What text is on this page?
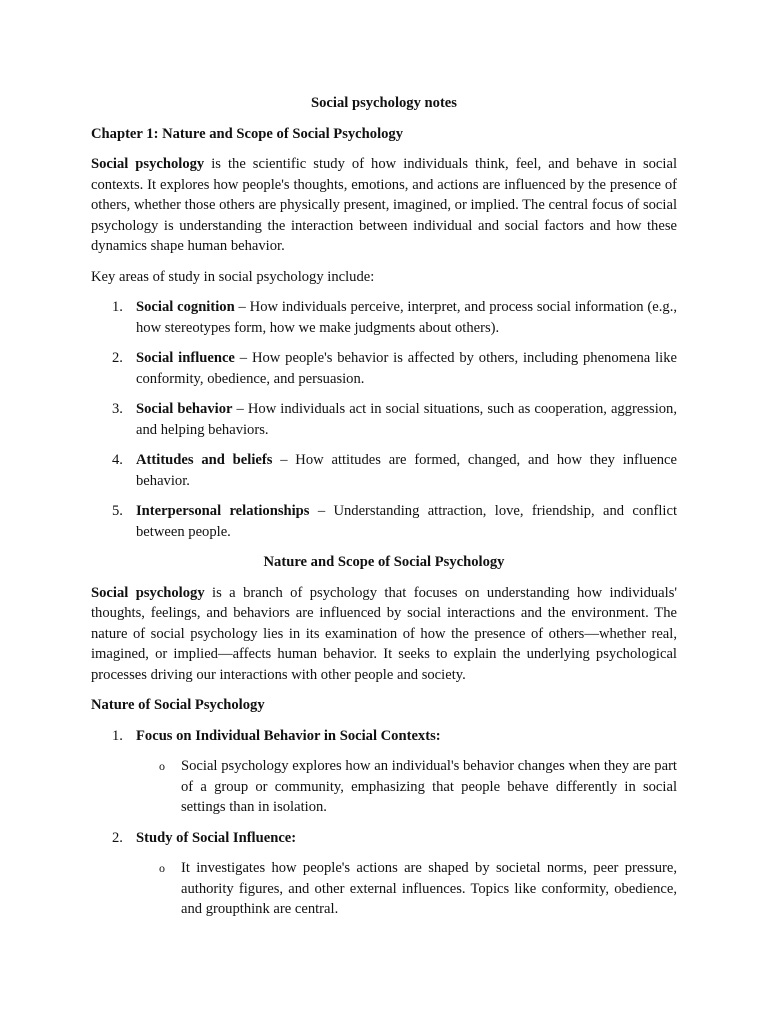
Social psychology notes
Chapter 1: Nature and Scope of Social Psychology

Social psychology is the scientific study of how individuals think, feel, and behave in social contexts. It explores how people's thoughts, emotions, and actions are influenced by the presence of others, whether those others are physically present, imagined, or implied. The central focus of social psychology is understanding the interaction between individual and social factors and how these dynamics shape human behavior.

Key areas of study in social psychology include:

1. Social cognition – How individuals perceive, interpret, and process social information (e.g., how stereotypes form, how we make judgments about others).
2. Social influence – How people's behavior is affected by others, including phenomena like conformity, obedience, and persuasion.
3. Social behavior – How individuals act in social situations, such as cooperation, aggression, and helping behaviors.
4. Attitudes and beliefs – How attitudes are formed, changed, and how they influence behavior.
5. Interpersonal relationships – Understanding attraction, love, friendship, and conflict between people.
Nature and Scope of Social Psychology

Social psychology is a branch of psychology that focuses on understanding how individuals' thoughts, feelings, and behaviors are influenced by social interactions and the environment. The nature of social psychology lies in its examination of how the presence of others—whether real, imagined, or implied—affects human behavior. It seeks to explain the underlying psychological processes driving our interactions with other people and society.

Nature of Social Psychology
1. Focus on Individual Behavior in Social Contexts:
o Social psychology explores how an individual's behavior changes when they are part of a group or community, emphasizing that people behave differently in social settings than in isolation.
2. Study of Social Influence:
o It investigates how people's actions are shaped by societal norms, peer pressure, authority figures, and other external influences. Topics like conformity, obedience, and groupthink are central.
